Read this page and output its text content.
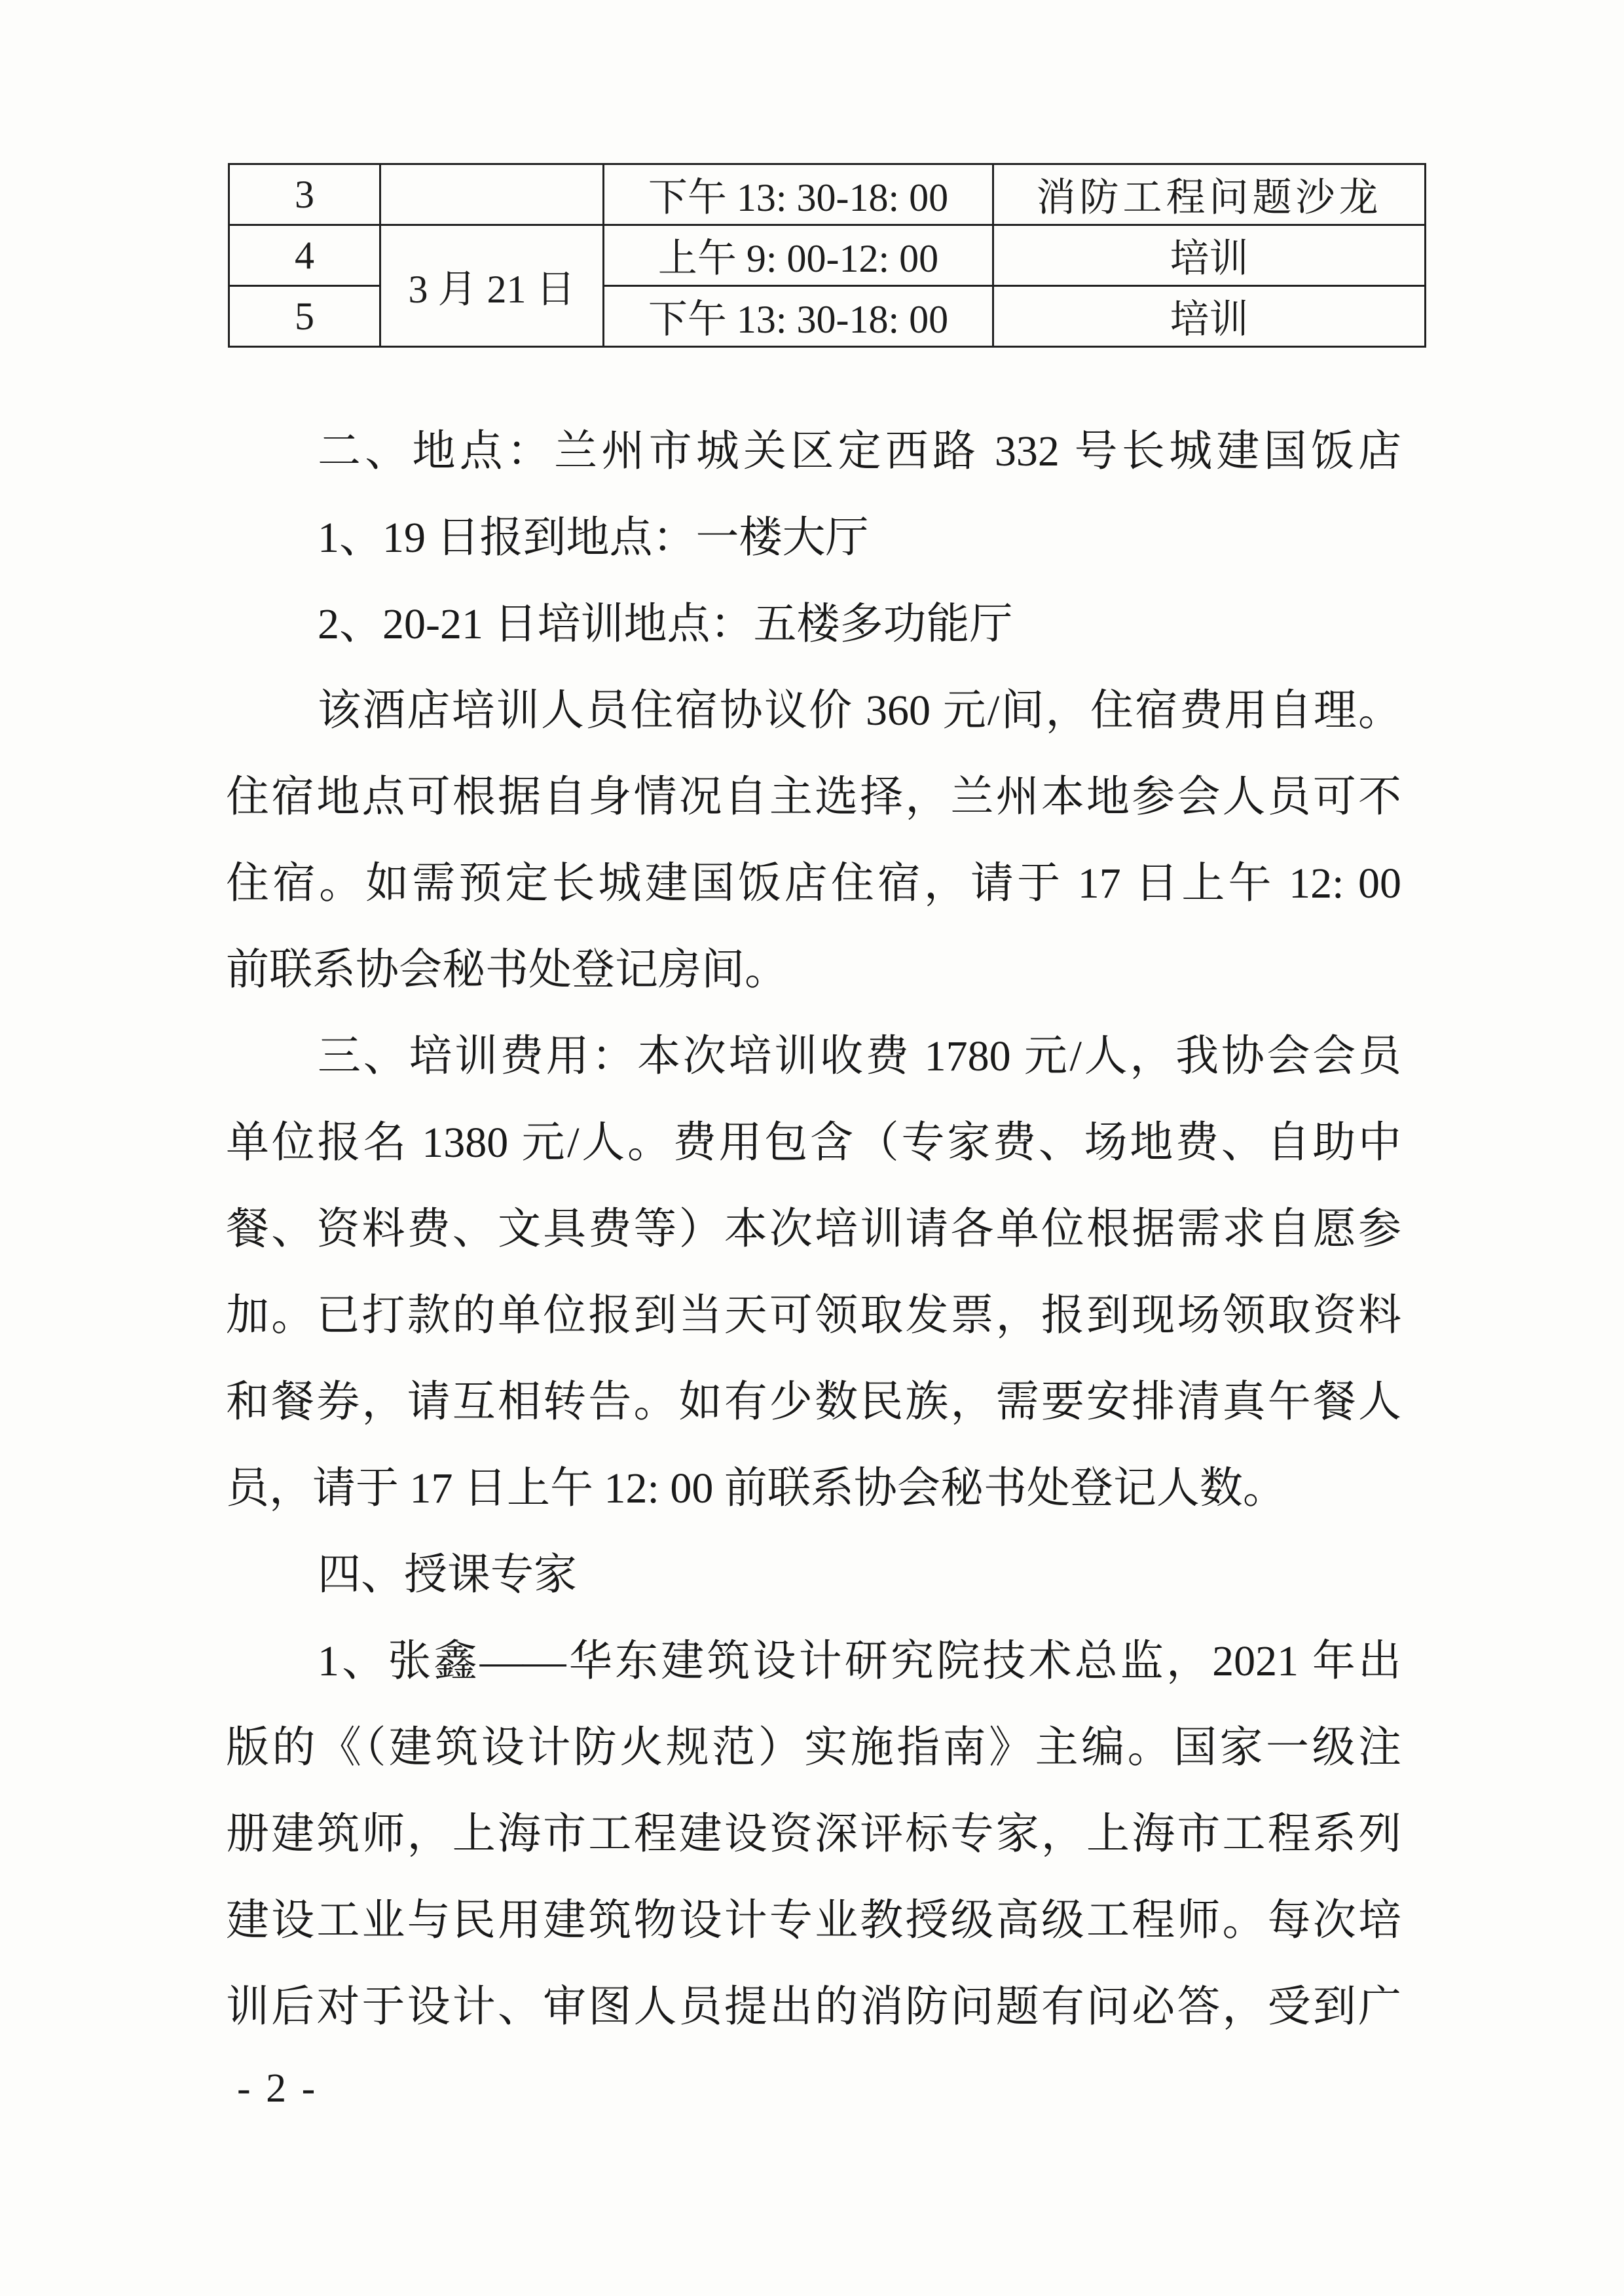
3		下午 13: 30-18: 00	消防工程问题沙龙
4	3 月 21 日	上午 9: 00-12: 00	培训
5		下午 13: 30-18: 00	培训
二、地点：兰州市城关区定西路 332 号长城建国饭店
1、19 日报到地点：一楼大厅
2、20-21 日培训地点：五楼多功能厅
该酒店培训人员住宿协议价 360 元/间，住宿费用自理。
住宿地点可根据自身情况自主选择，兰州本地参会人员可不
住宿。如需预定长城建国饭店住宿，请于 17 日上午 12: 00
前联系协会秘书处登记房间。
三、培训费用：本次培训收费 1780 元/人，我协会会员
单位报名 1380 元/人。费用包含（专家费、场地费、自助中
餐、资料费、文具费等）本次培训请各单位根据需求自愿参
加。已打款的单位报到当天可领取发票，报到现场领取资料
和餐券，请互相转告。如有少数民族，需要安排清真午餐人
员，请于 17 日上午 12: 00 前联系协会秘书处登记人数。
四、授课专家
1、张鑫——华东建筑设计研究院技术总监，2021 年出
版的《（建筑设计防火规范）实施指南》主编。国家一级注
册建筑师，上海市工程建设资深评标专家，上海市工程系列
建设工业与民用建筑物设计专业教授级高级工程师。每次培
训后对于设计、审图人员提出的消防问题有问必答，受到广
- 2 -
